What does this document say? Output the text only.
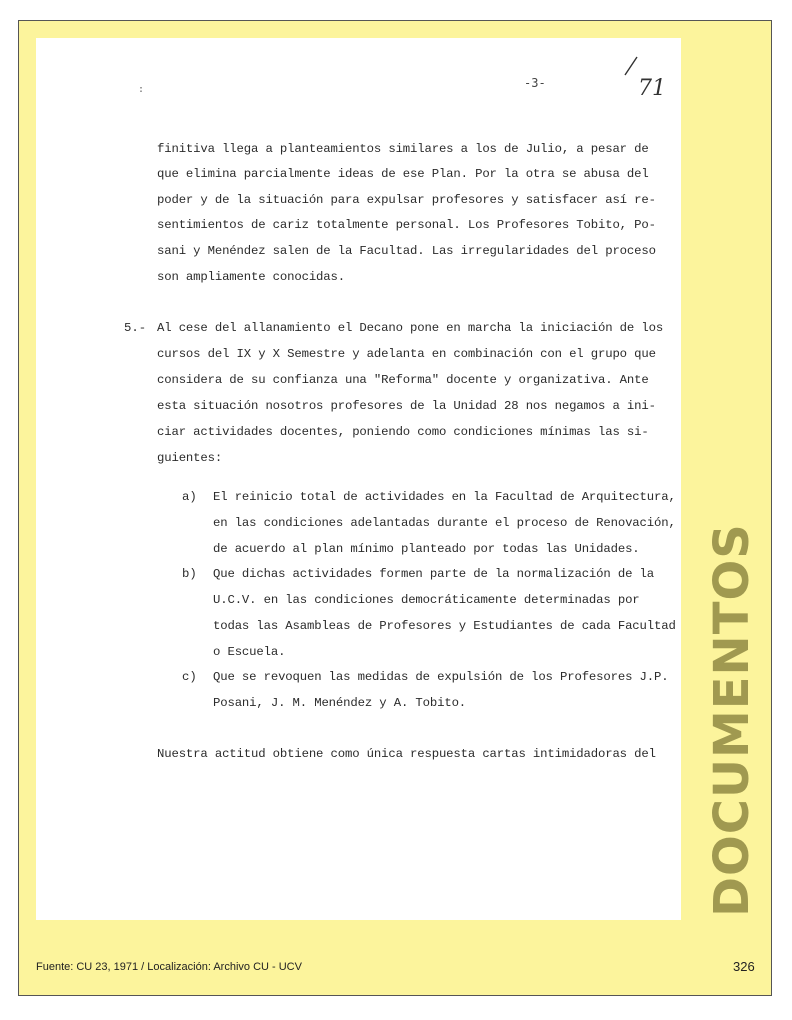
:	-3-	71
finitiva llega a planteamientos similares a los de Julio, a pesar de
que elimina parcialmente ideas de ese Plan. Por la otra se abusa del
poder y de la situación para expulsar profesores y satisfacer así re-
sentimientos de cariz totalmente personal. Los Profesores Tobito, Po-
sani y Menéndez salen de la Facultad. Las irregularidades del proceso
son ampliamente conocidas.
5.- Al cese del allanamiento el Decano pone en marcha la iniciación de los
cursos del IX y X Semestre y adelanta en combinación con el grupo que
considera de su confianza una "Reforma" docente y organizativa. Ante
esta situación nosotros profesores de la Unidad 28 nos negamos a ini-
ciar actividades docentes, poniendo como condiciones mínimas las si-
guientes:
a) El reinicio total de actividades en la Facultad de Arquitectura,
en las condiciones adelantadas durante el proceso de Renovación,
de acuerdo al plan mínimo planteado por todas las Unidades.
b) Que dichas actividades formen parte de la normalización de la
U.C.V. en las condiciones democráticamente determinadas por
todas las Asambleas de Profesores y Estudiantes de cada Facultad
o Escuela.
c) Que se revoquen las medidas de expulsión de los Profesores J.P.
Posani, J. M. Menéndez y A. Tobito.
Nuestra actitud obtiene como única respuesta cartas intimidadoras del DOCUMENTOS
Fuente: CU 23, 1971 / Localización: Archivo CU - UCV	326
